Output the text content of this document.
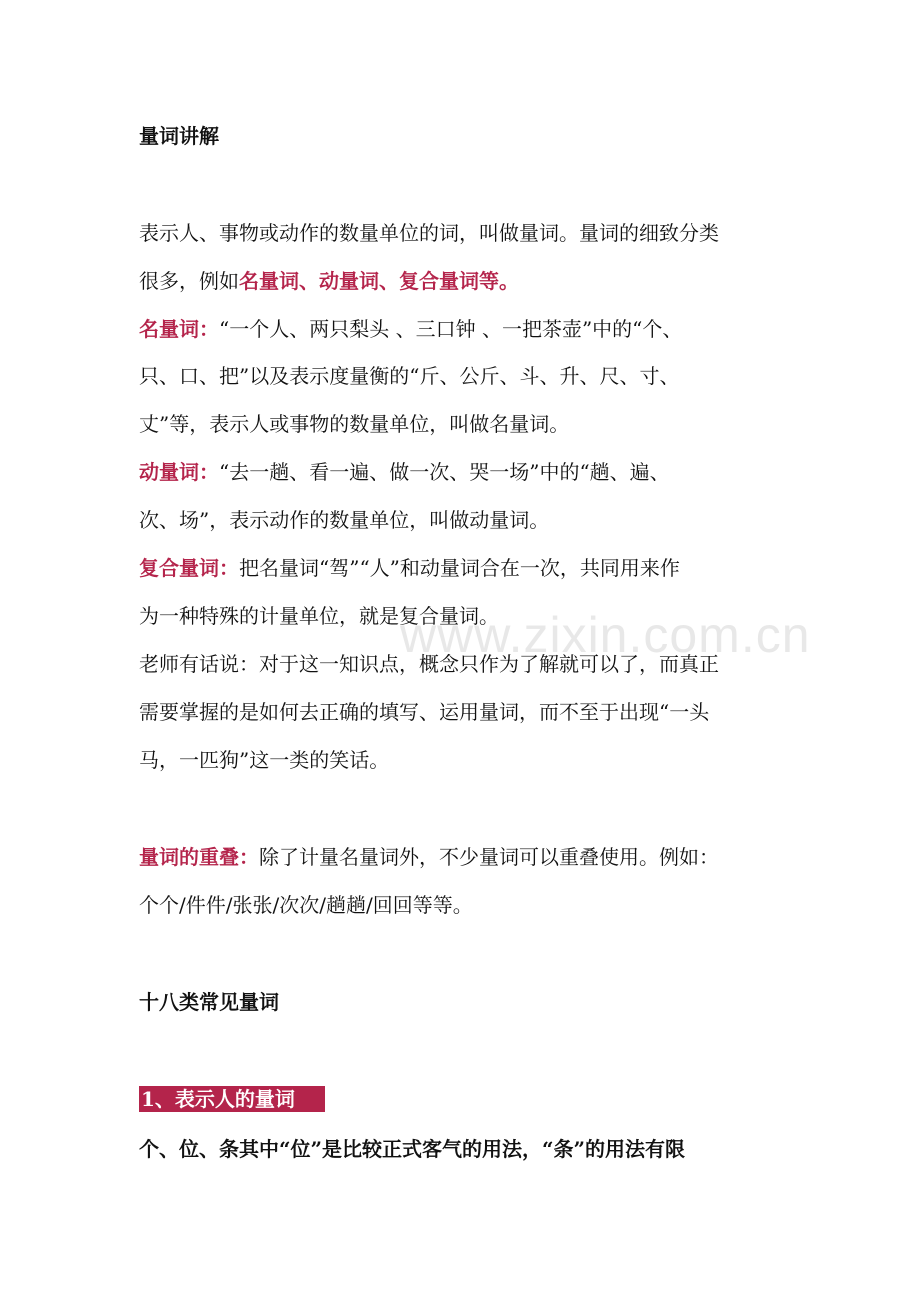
量词讲解
表示人、事物或动作的数量单位的词，叫做量词。量词的细致分类
很多，例如名量词、动量词、复合量词等。
名量词：“一个人、两只梨头 、三口钟 、一把茶壶”中的“个、
只、口、把”以及表示度量衡的“斤、公斤、斗、升、尺、寸、
丈”等，表示人或事物的数量单位，叫做名量词。
动量词：“去一趟、看一遍、做一次、哭一场”中的“趟、遍、
次、场”，表示动作的数量单位，叫做动量词。
复合量词：把名量词“驾”“人”和动量词合在一次，共同用来作
为一种特殊的计量单位，就是复合量词。
www.zixin.com.cn
老师有话说：对于这一知识点，概念只作为了解就可以了，而真正
需要掌握的是如何去正确的填写、运用量词，而不至于出现“一头
马，一匹狗”这一类的笑话。
量词的重叠：除了计量名量词外，不少量词可以重叠使用。例如：
个个/件件/张张/次次/趟趟/回回等等。
十八类常见量词
1、表示人的量词
个、位、条其中“位”是比较正式客气的用法，“条”的用法有限
